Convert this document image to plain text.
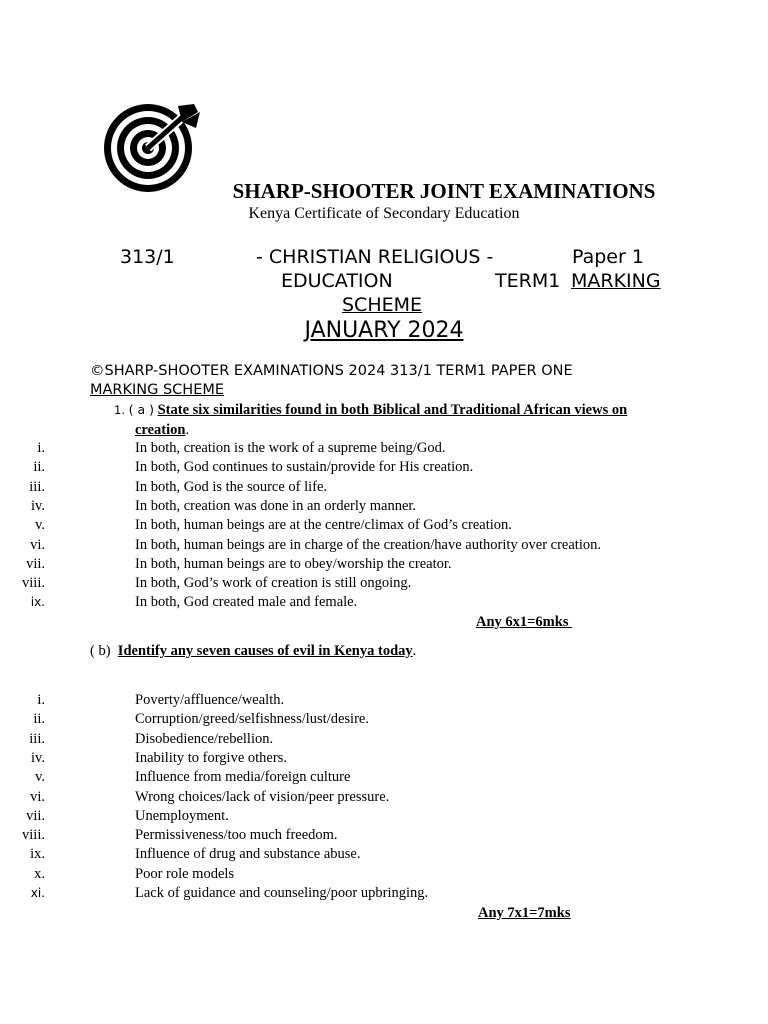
SHARP-SHOOTER JOINT EXAMINATIONS
Kenya Certificate of Secondary Education
313/1	- CHRISTIAN RELIGIOUS -	Paper 1
EDUCATION	TERM1 MARKING
SCHEME
JANUARY 2024
©SHARP-SHOOTER EXAMINATIONS 2024 313/1 TERM1 PAPER ONE
MARKING SCHEME
1. ( a ) State six similarities found in both Biblical and Traditional African views on
creation.
i.	In both, creation is the work of a supreme being/God.
ii.	In both, God continues to sustain/provide for His creation.
iii.	In both, God is the source of life.
iv.	In both, creation was done in an orderly manner.
v.	In both, human beings are at the centre/climax of God’s creation.
vi.	In both, human beings are in charge of the creation/have authority over creation.
vii.	In both, human beings are to obey/worship the creator.
viii.	In both, God’s work of creation is still ongoing.
ix.	In both, God created male and female.
Any 6x1=6mks
( b) Identify any seven causes of evil in Kenya today.
i.	Poverty/affluence/wealth.
ii.	Corruption/greed/selfishness/lust/desire.
iii.	Disobedience/rebellion.
iv.	Inability to forgive others.
v.	Influence from media/foreign culture
vi.	Wrong choices/lack of vision/peer pressure.
vii.	Unemployment.
viii.	Permissiveness/too much freedom.
ix.	Influence of drug and substance abuse.
x.	Poor role models
xi.	Lack of guidance and counseling/poor upbringing.
Any 7x1=7mks
